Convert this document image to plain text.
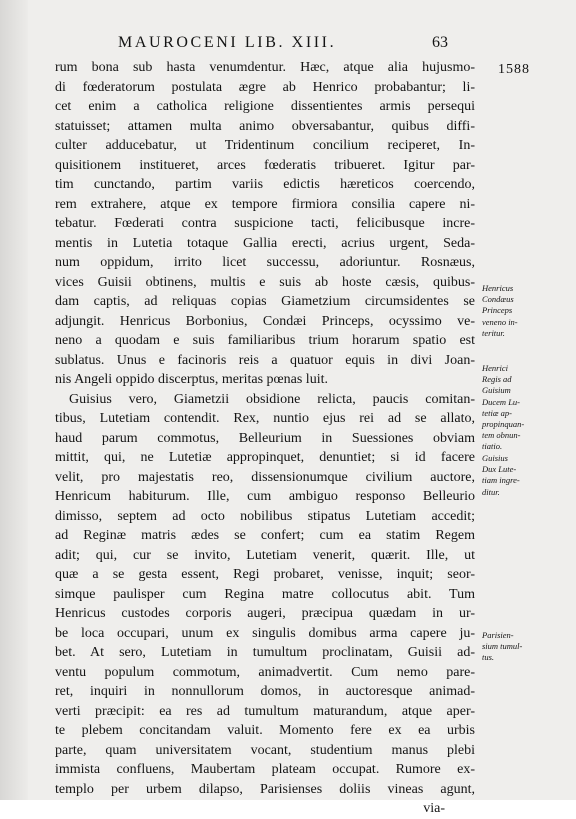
MAUROCENI LIB. XIII.	63
1588
rum bona sub hasta venumdentur. Hæc, atque alia hujusmo-
di fœderatorum postulata ægre ab Henrico probabantur; li-
cet enim a catholica religione dissentientes armis persequi
statuisset; attamen multa animo obversabantur, quibus diffi-
culter adducebatur, ut Tridentinum concilium reciperet, In-
quisitionem institueret, arces fœderatis tribueret. Igitur par-
tim cunctando, partim variis edictis hæreticos coercendo,
rem extrahere, atque ex tempore firmiora consilia capere ni-
tebatur. Fœderati contra suspicione tacti, felicibusque incre-
mentis in Lutetia totaque Gallia erecti, acrius urgent, Seda-
num oppidum, irrito licet successu, adoriuntur. Rosnæus,
vices Guisii obtinens, multis e suis ab hoste cæsis, quibus-
dam captis, ad reliquas copias Giametzium circumsidentes se
adjungit. Henricus Borbonius, Condæi Princeps, ocyssimo ve-
neno a quodam e suis familiaribus trium horarum spatio est
sublatus. Unus e facinoris reis a quatuor equis in divi Joan-
nis Angeli oppido discerptus, meritas pœnas luit.
Guisius vero, Giametzii obsidione relicta, paucis comitan-
tibus, Lutetiam contendit. Rex, nuntio ejus rei ad se allato,
haud parum commotus, Belleurium in Suessiones obviam
mittit, qui, ne Lutetiæ appropinquet, denuntiet; si id facere
velit, pro majestatis reo, dissensionumque civilium auctore,
Henricum habiturum. Ille, cum ambiguo responso Belleurio
dimisso, septem ad octo nobilibus stipatus Lutetiam accedit;
ad Reginæ matris ædes se confert; cum ea statim Regem
adit; qui, cur se invito, Lutetiam venerit, quærit. Ille, ut
quæ a se gesta essent, Regi probaret, venisse, inquit; seor-
simque paulisper cum Regina matre collocutus abit. Tum
Henricus custodes corporis augeri, præcipua quædam in ur-
be loca occupari, unum ex singulis domibus arma capere ju-
bet. At sero, Lutetiam in tumultum proclinatam, Guisii ad-
ventu populum commotum, animadvertit. Cum nemo pare-
ret, inquiri in nonnullorum domos, in auctoresque animad-
verti præcipit: ea res ad tumultum maturandum, atque aper-
te plebem concitandam valuit. Momento fere ex ea urbis
parte, quam universitatem vocant, studentium manus plebi
immista confluens, Maubertam plateam occupat. Rumore ex-
templo per urbem dilapso, Parisienses doliis vineas agunt,
via-
Henricus
Condæus
Princeps
veneno in-
teritur.
Henrici
Regis ad
Guisium
Ducem Lu-
tetiæ ap-
propinquan-
tem obnun-
tiatio.
Guisius
Dux Lute-
tiam ingre-
ditur.
Parisien-
sium tumul-
tus.
